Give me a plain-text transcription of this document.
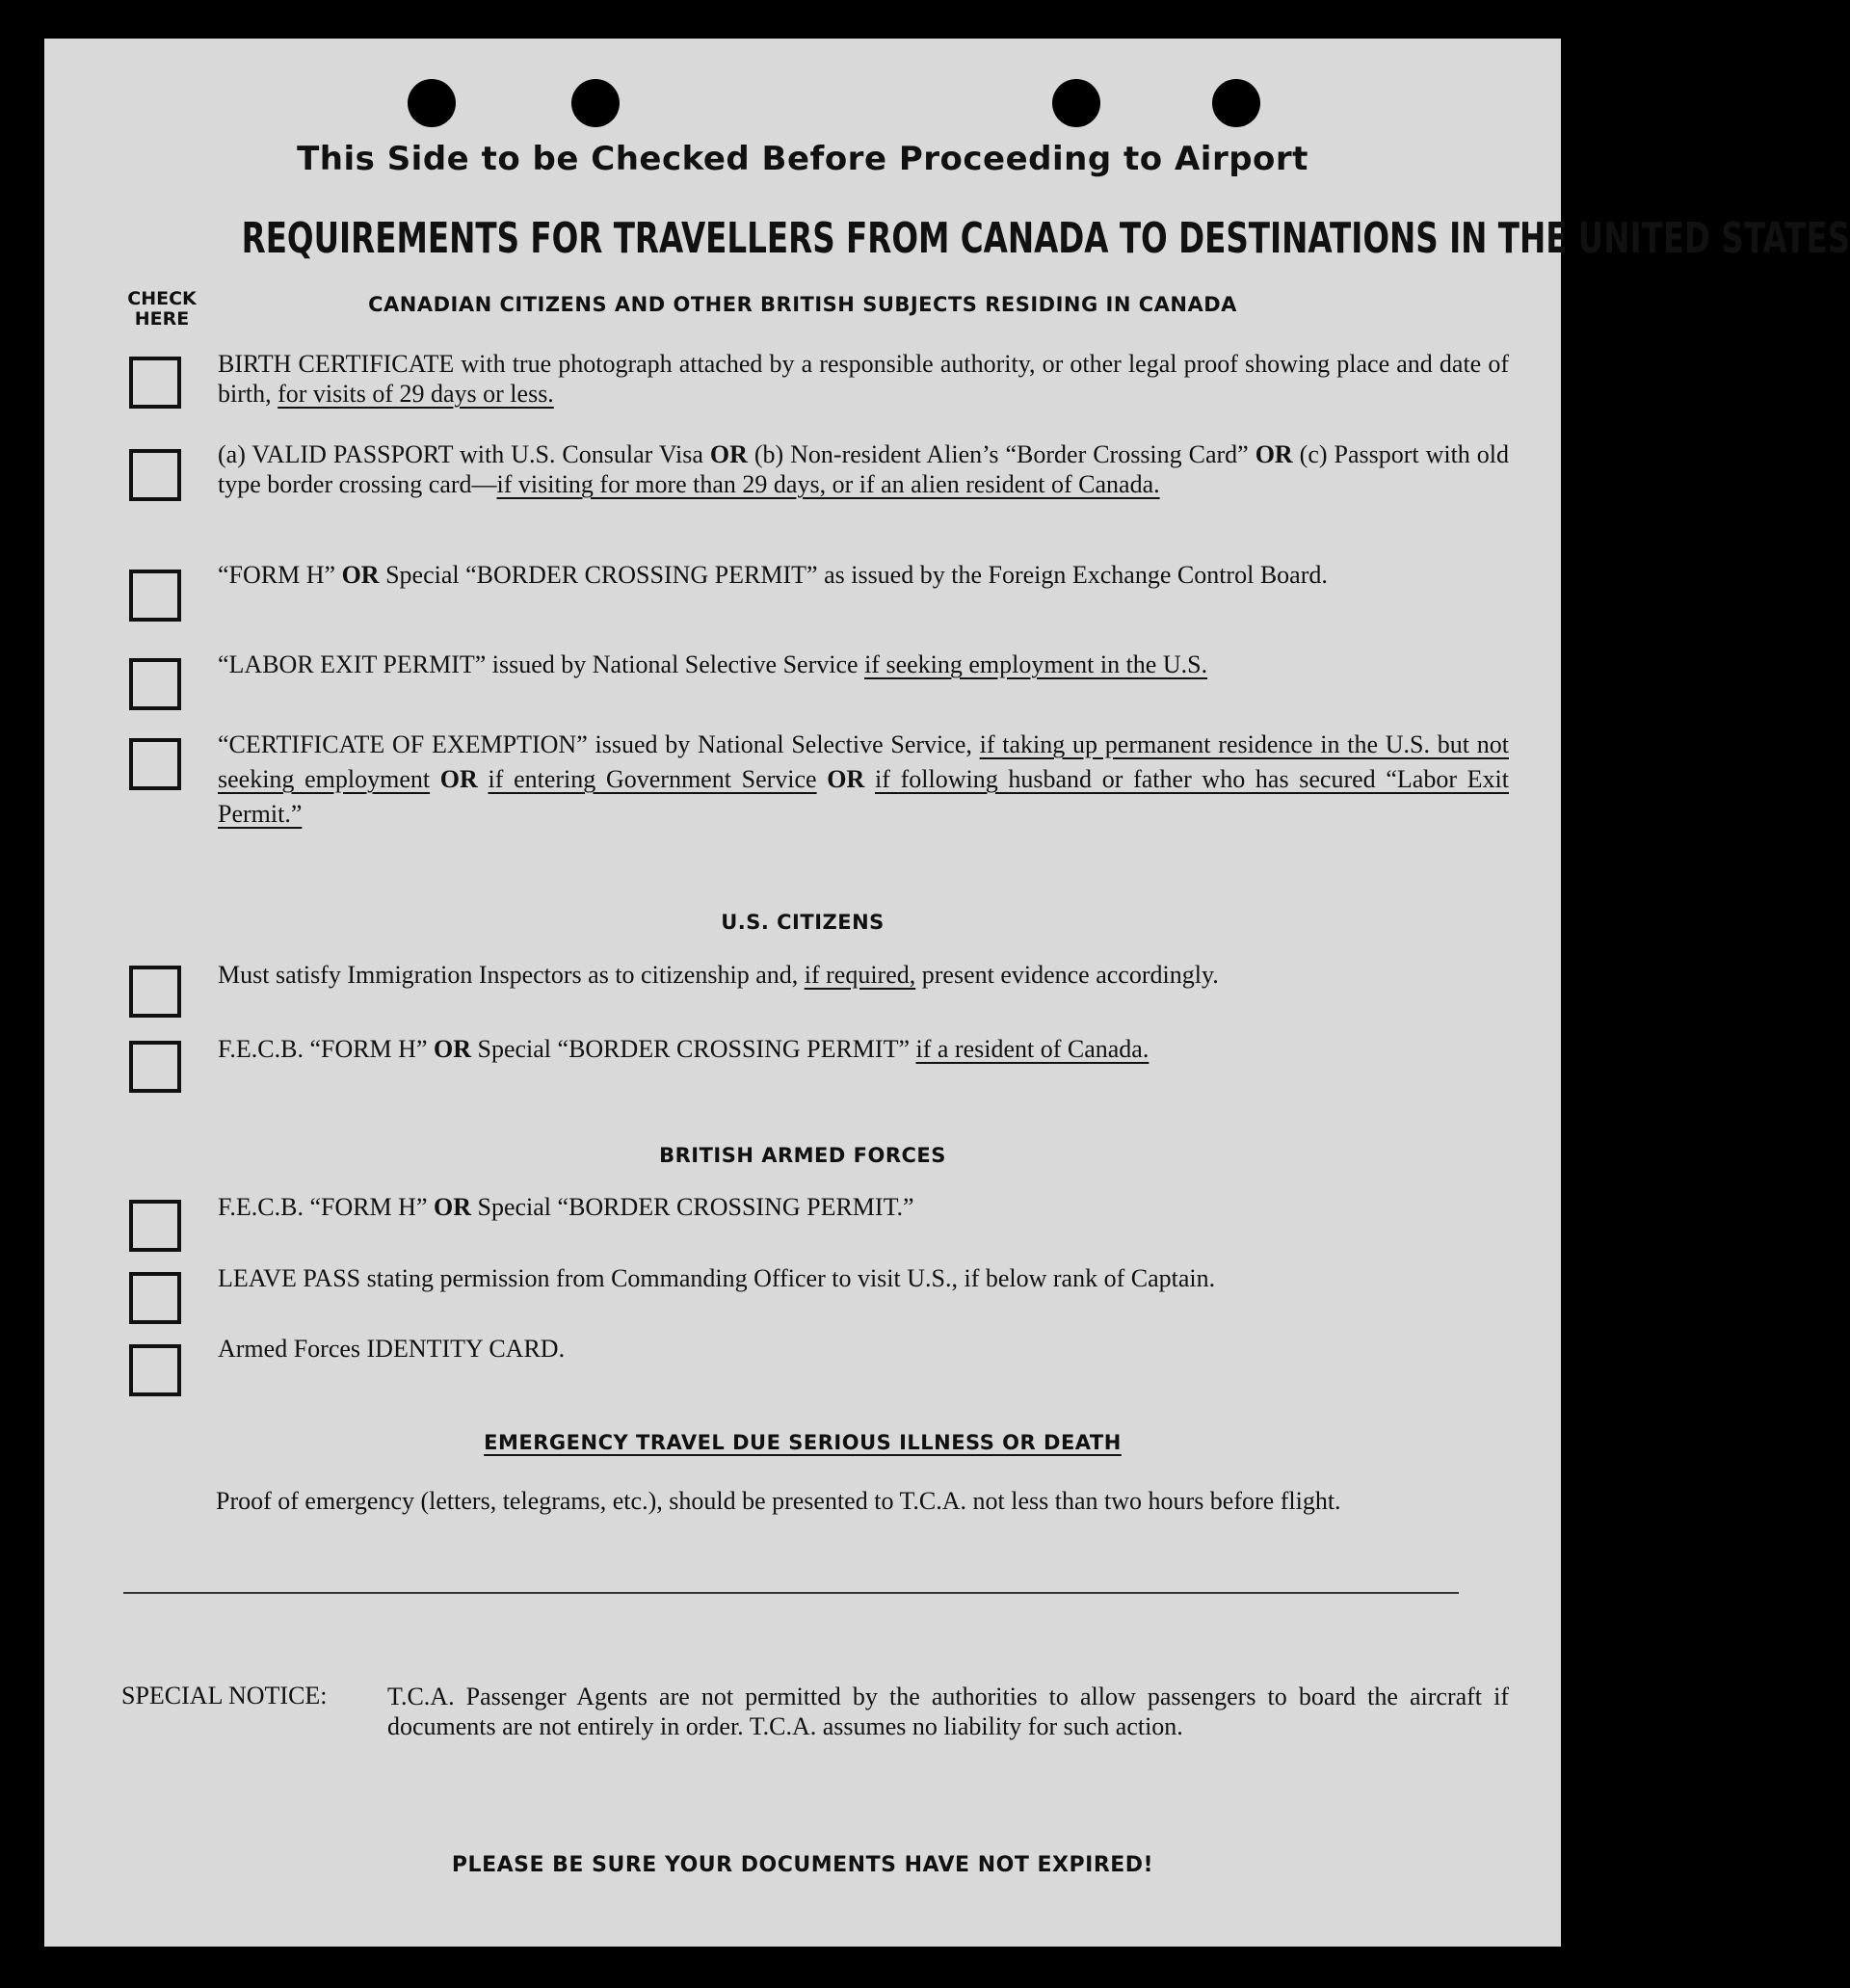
This Side to be Checked Before Proceeding to Airport
REQUIREMENTS FOR TRAVELLERS FROM CANADA TO DESTINATIONS IN THE UNITED STATES
CHECK
HERE
CANADIAN CITIZENS AND OTHER BRITISH SUBJECTS RESIDING IN CANADA
BIRTH CERTIFICATE with true photograph attached by a responsible authority, or other legal proof showing place and date of birth, for visits of 29 days or less.
(a) VALID PASSPORT with U.S. Consular Visa OR (b) Non-resident Alien’s “Border Crossing Card” OR (c) Passport with old type border crossing card—if visiting for more than 29 days, or if an alien resident of Canada.
“FORM H” OR Special “BORDER CROSSING PERMIT” as issued by the Foreign Exchange Control Board.
“LABOR EXIT PERMIT” issued by National Selective Service if seeking employment in the U.S.
“CERTIFICATE OF EXEMPTION” issued by National Selective Service, if taking up permanent residence in the U.S. but not seeking employment OR if entering Government Service OR if following husband or father who has secured “Labor Exit Permit.”
U.S. CITIZENS
Must satisfy Immigration Inspectors as to citizenship and, if required, present evidence accordingly.
F.E.C.B. “FORM H” OR Special “BORDER CROSSING PERMIT” if a resident of Canada.
BRITISH ARMED FORCES
F.E.C.B. “FORM H” OR Special “BORDER CROSSING PERMIT.”
LEAVE PASS stating permission from Commanding Officer to visit U.S., if below rank of Captain.
Armed Forces IDENTITY CARD.
EMERGENCY TRAVEL DUE SERIOUS ILLNESS OR DEATH
Proof of emergency (letters, telegrams, etc.), should be presented to T.C.A. not less than two hours before flight.
SPECIAL NOTICE: T.C.A. Passenger Agents are not permitted by the authorities to allow passengers to board the aircraft if documents are not entirely in order. T.C.A. assumes no liability for such action.
PLEASE BE SURE YOUR DOCUMENTS HAVE NOT EXPIRED!
